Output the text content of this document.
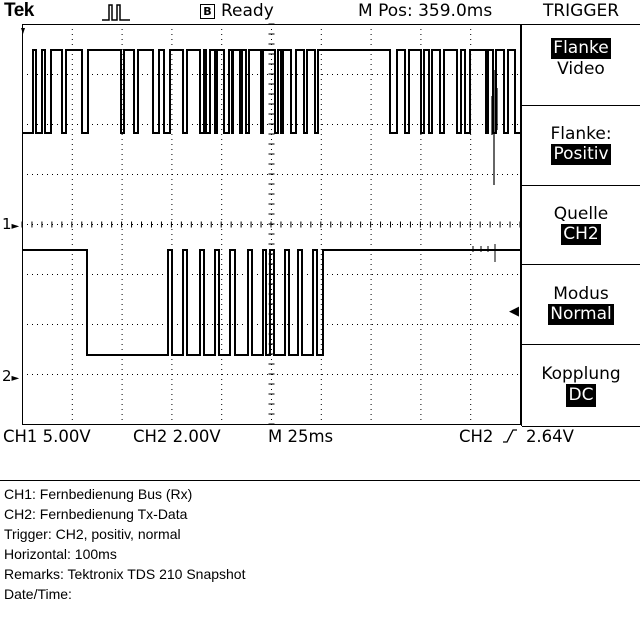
Tek	B Ready	M Pos: 359.0ms
1►
2►
◀
TRIGGER
Flanke
Video
Flanke:
Positiv
Quelle
CH2
Modus
Normal
Kopplung
DC
CH1 5.00V	CH2 2.00V	M 25ms	CH2 2.64V
CH1: Fernbedienung Bus (Rx)
CH2: Fernbedienung Tx-Data
Trigger: CH2, positiv, normal
Horizontal: 100ms
Remarks: Tektronix TDS 210 Snapshot
Date/Time:
